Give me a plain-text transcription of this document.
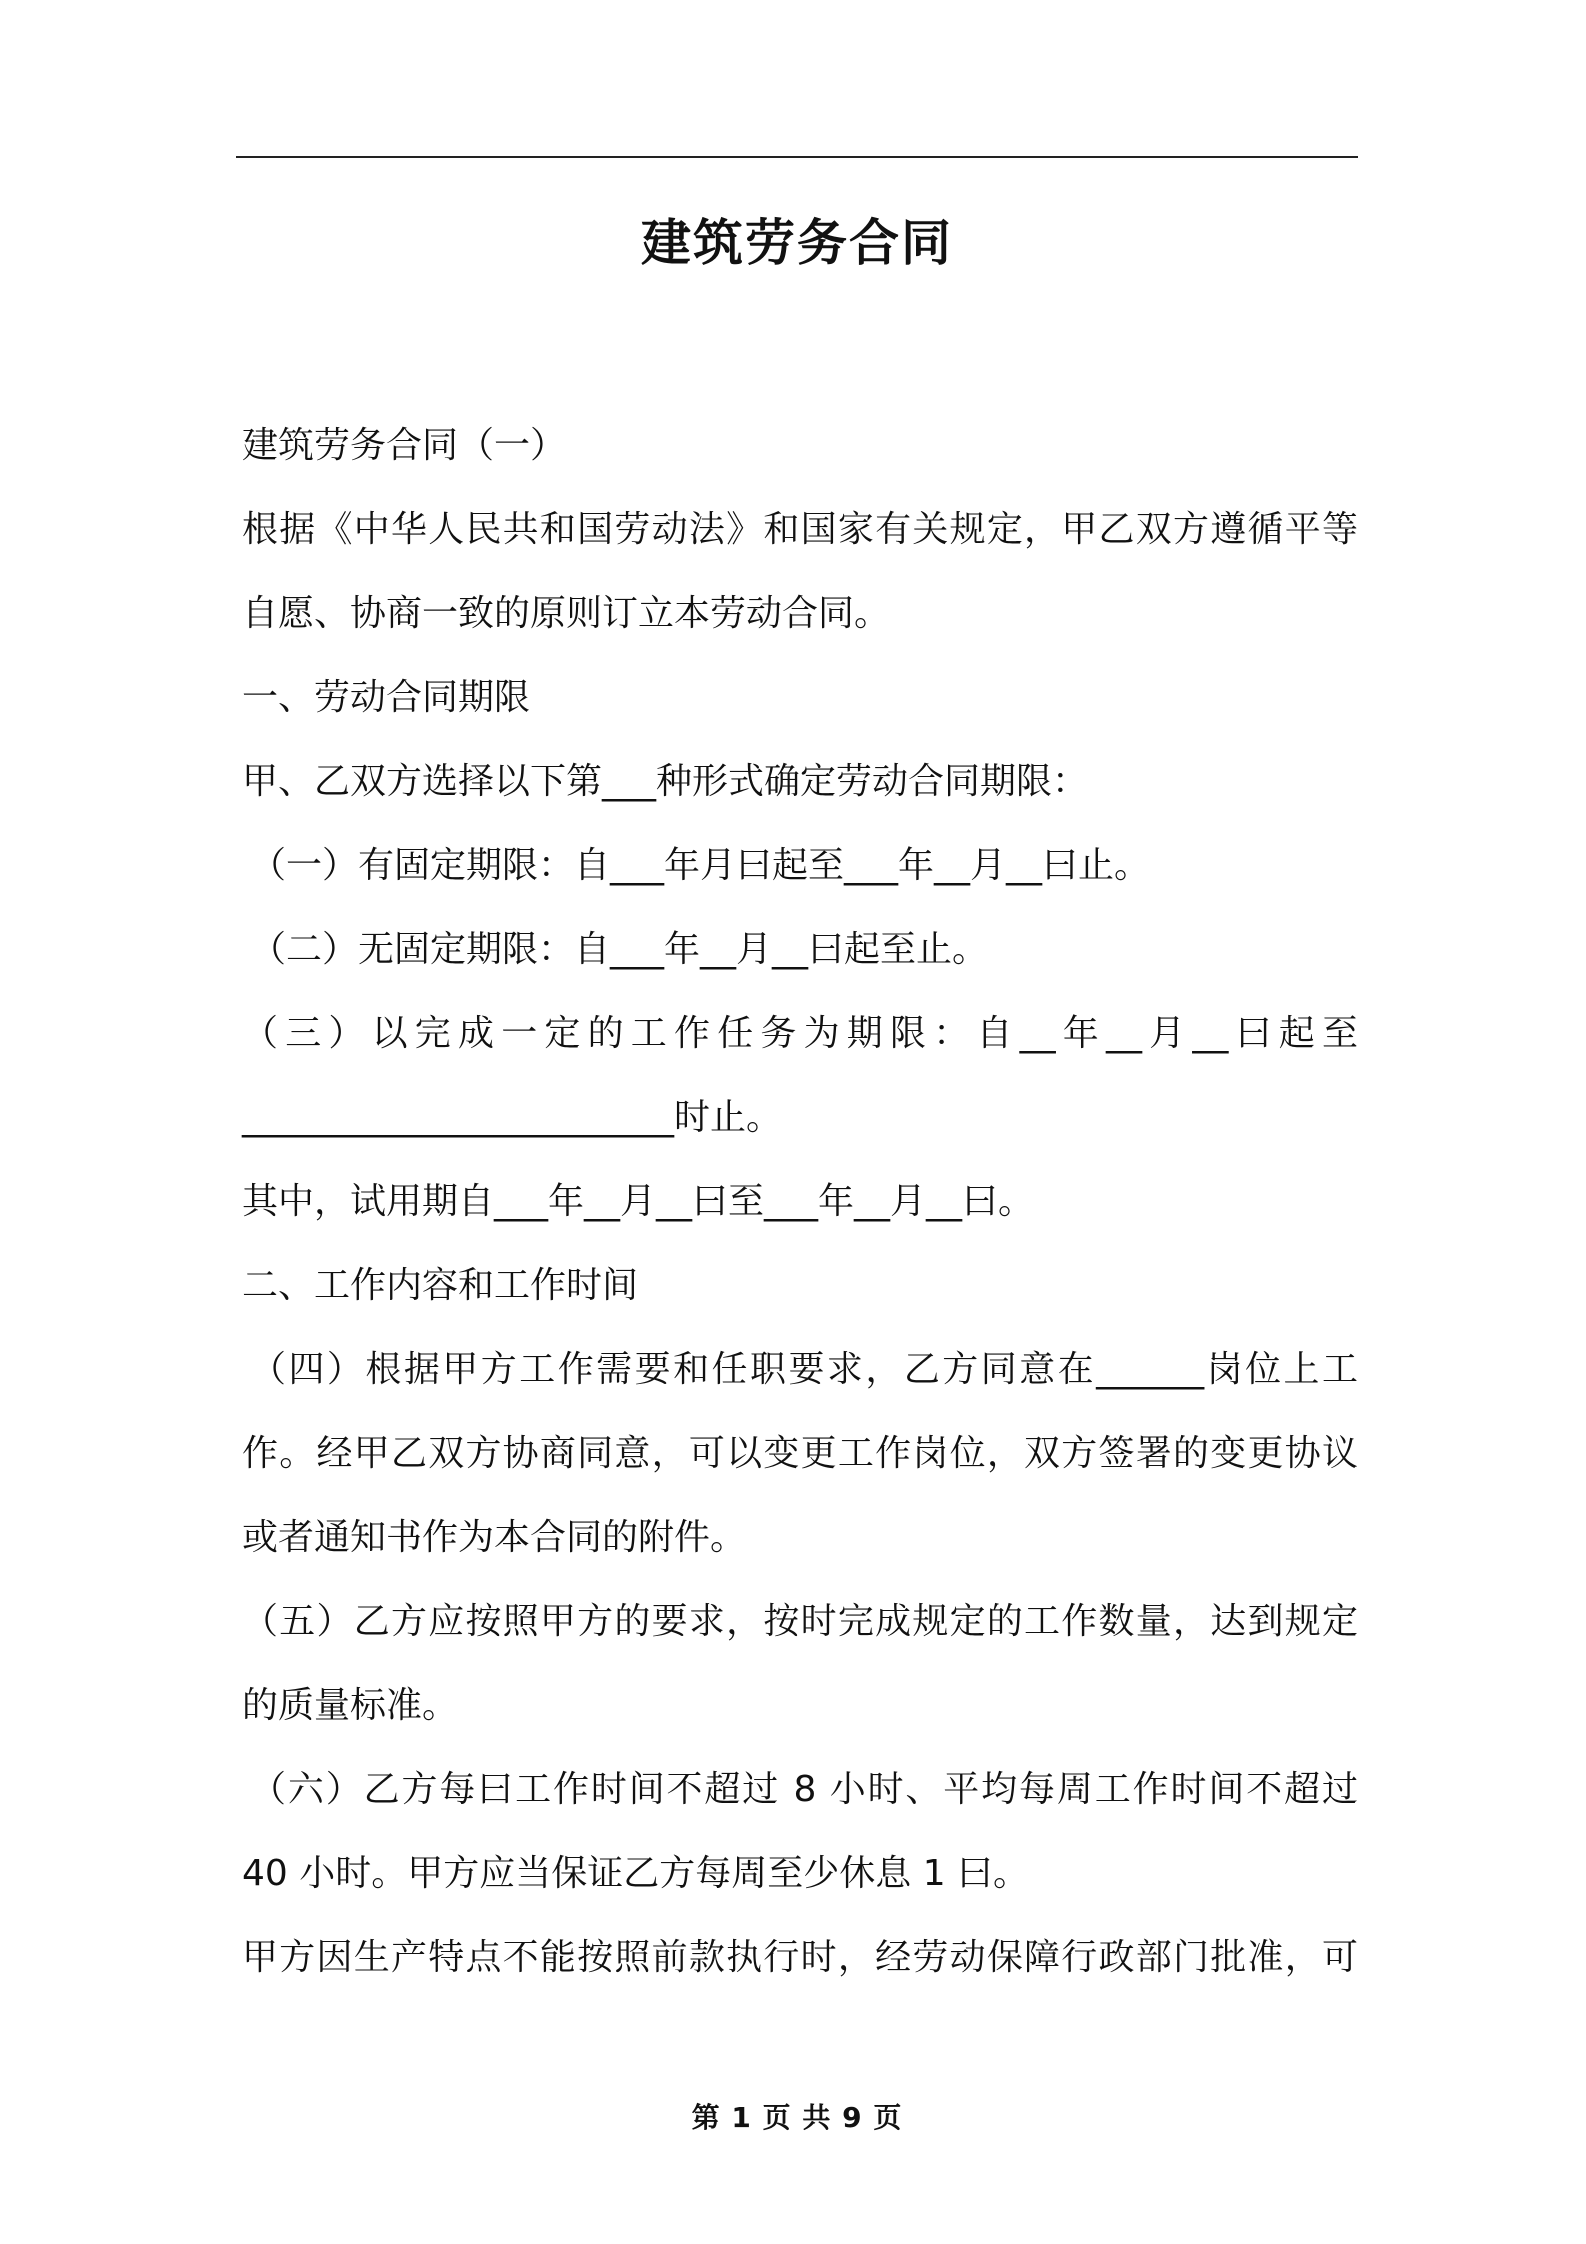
建筑劳务合同

建筑劳务合同（一）

根据《中华人民共和国劳动法》和国家有关规定，甲乙双方遵循平等

自愿、协商一致的原则订立本劳动合同。

一、劳动合同期限

甲、乙双方选择以下第___种形式确定劳动合同期限：

（一）有固定期限：自___年月曰起至___年__月__曰止。

（二）无固定期限：自___年__月__曰起至止。

（三）以完成一定的工作任务为期限：自__年__月__曰起至

________________________时止。

其中，试用期自___年__月__曰至___年__月__曰。

二、工作内容和工作时间

（四）根据甲方工作需要和任职要求，乙方同意在______岗位上工

作。经甲乙双方协商同意，可以变更工作岗位，双方签署的变更协议

或者通知书作为本合同的附件。

（五）乙方应按照甲方的要求，按时完成规定的工作数量，达到规定

的质量标准。

（六）乙方每曰工作时间不超过 8 小时、平均每周工作时间不超过

40 小时。甲方应当保证乙方每周至少休息 1 曰。

甲方因生产特点不能按照前款执行时，经劳动保障行政部门批准，可

第 1 页 共 9 页
